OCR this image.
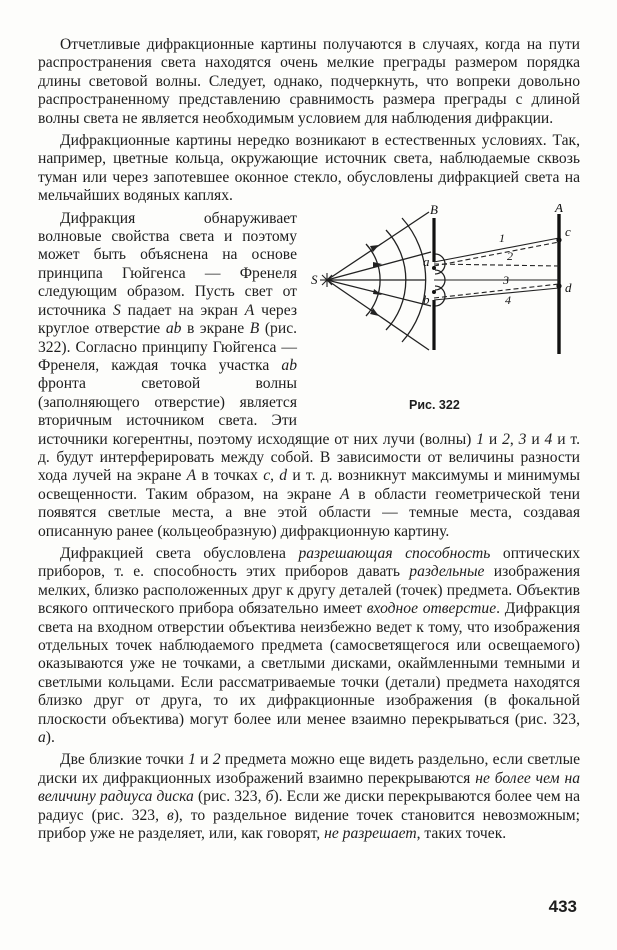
Отчетливые дифракционные картины получаются в случаях, когда на пути распространения света находятся очень мелкие преграды размером порядка длины световой волны. Следует, однако, подчеркнуть, что вопреки довольно распространенному представлению сравнимость размера преграды с длиной волны света не является необходимым условием для наблюдения дифракции.

Дифракционные картины нередко возникают в естественных условиях. Так, например, цветные кольца, окружающие источник света, наблюдаемые сквозь туман или через запотевшее оконное стекло, обусловлены дифракцией света на мельчайших водяных каплях.

S
B	A
a
b
c
d
1
2
3
4
Рис. 322

Дифракция обнаруживает волновые свойства света и поэтому может быть объяснена на основе принципа Гюйгенса — Френеля следующим образом. Пусть свет от источника S падает на экран А через круглое отверстие ab в экране В (рис. 322). Согласно принципу Гюйгенса — Френеля, каждая точка участка ab фронта световой волны (заполняющего отверстие) является вторичным источником света. Эти источники когерентны, поэтому исходящие от них лучи (волны) 1 и 2, 3 и 4 и т. д. будут интерферировать между собой. В зависимости от величины разности хода лучей на экране А в точках c, d и т. д. возникнут максимумы и минимумы освещенности. Таким образом, на экране А в области геометрической тени появятся светлые места, а вне этой области — темные места, создавая описанную ранее (кольцеобразную) дифракционную картину.

Дифракцией света обусловлена разрешающая способность оптических приборов, т. е. способность этих приборов давать раздельные изображения мелких, близко расположенных друг к другу деталей (точек) предмета. Объектив всякого оптического прибора обязательно имеет входное отверстие. Дифракция света на входном отверстии объектива неизбежно ведет к тому, что изображения отдельных точек наблюдаемого предмета (самосветящегося или освещаемого) оказываются уже не точками, а светлыми дисками, окаймленными темными и светлыми кольцами. Если рассматриваемые точки (детали) предмета находятся близко друг от друга, то их дифракционные изображения (в фокальной плоскости объектива) могут более или менее взаимно перекрываться (рис. 323, а).

Две близкие точки 1 и 2 предмета можно еще видеть раздельно, если светлые диски их дифракционных изображений взаимно перекрываются не более чем на величину радиуса диска (рис. 323, б). Если же диски перекрываются более чем на радиус (рис. 323, в), то раздельное видение точек становится невозможным; прибор уже не разделяет, или, как говорят, не разрешает, таких точек.

433
